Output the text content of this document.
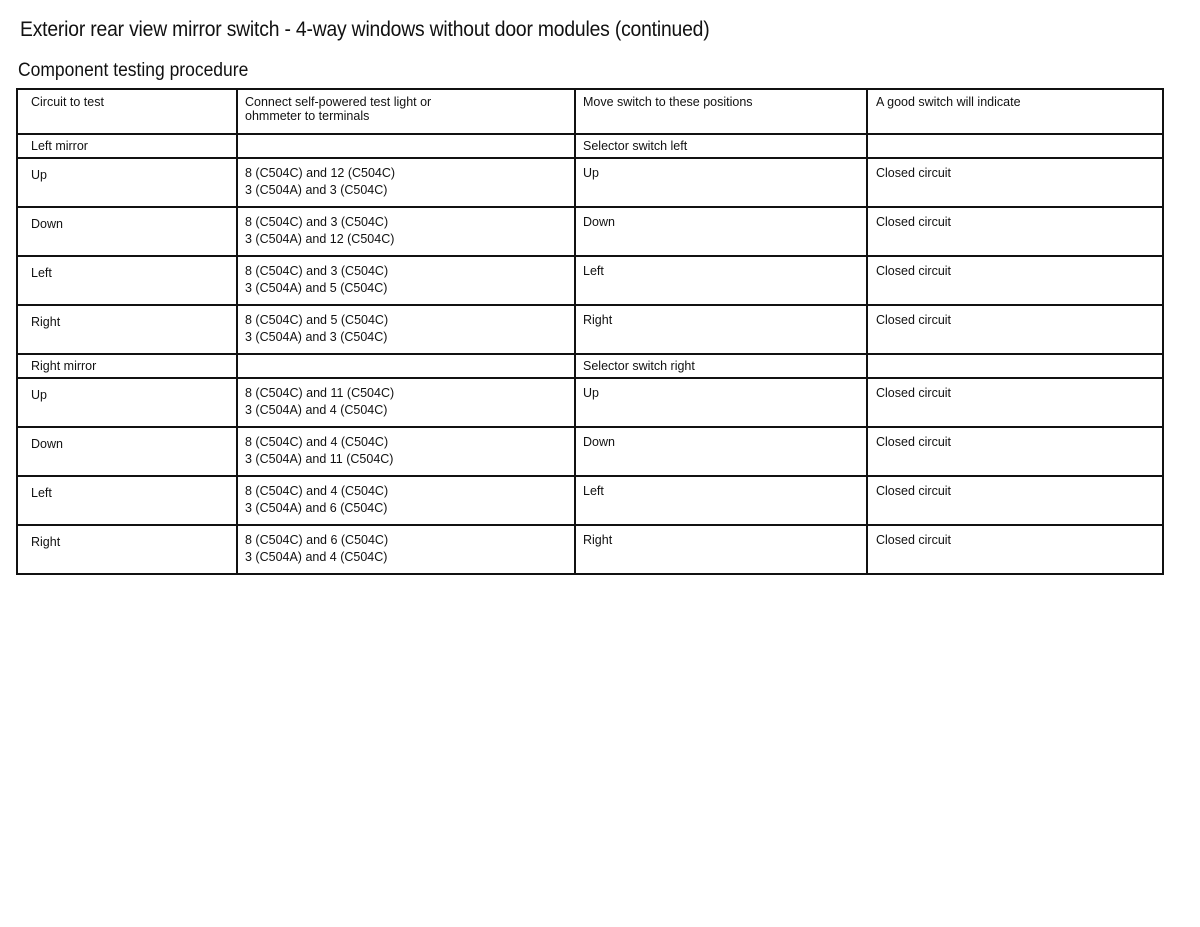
Exterior rear view mirror switch - 4-way windows without door modules (continued)
Component testing procedure
Circuit to test	Connect self-powered test light or
ohmmeter to terminals	Move switch to these positions	A good switch will indicate

Left mirror		Selector switch left	

Up	8 (C504C) and 12 (C504C)
3 (C504A) and 3 (C504C)	Up	Closed circuit

Down	8 (C504C) and 3 (C504C)
3 (C504A) and 12 (C504C)	Down	Closed circuit

Left	8 (C504C) and 3 (C504C)
3 (C504A) and 5 (C504C)	Left	Closed circuit

Right	8 (C504C) and 5 (C504C)
3 (C504A) and 3 (C504C)	Right	Closed circuit

Right mirror		Selector switch right	

Up	8 (C504C) and 11 (C504C)
3 (C504A) and 4 (C504C)	Up	Closed circuit

Down	8 (C504C) and 4 (C504C)
3 (C504A) and 11 (C504C)	Down	Closed circuit

Left	8 (C504C) and 4 (C504C)
3 (C504A) and 6 (C504C)	Left	Closed circuit

Right	8 (C504C) and 6 (C504C)
3 (C504A) and 4 (C504C)	Right	Closed circuit
